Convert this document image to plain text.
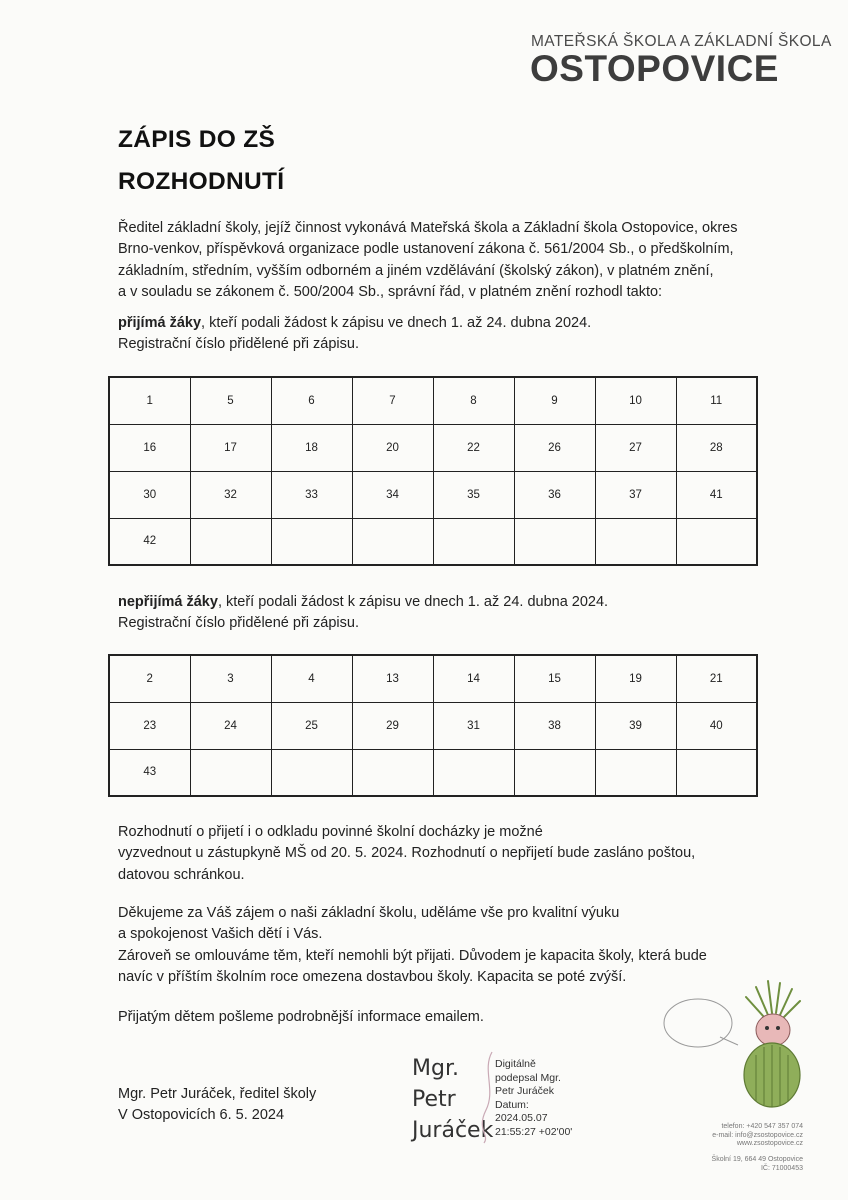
MATEŘSKÁ ŠKOLA A ZÁKLADNÍ ŠKOLA
OSTOPOVICE
ZÁPIS DO ZŠ
ROZHODNUTÍ
Ředitel základní školy, jejíž činnost vykonává Mateřská škola a Základní škola Ostopovice, okres
Brno-venkov, příspěvková organizace podle ustanovení zákona č. 561/2004 Sb., o předškolním,
základním, středním, vyšším odborném a jiném vzdělávání (školský zákon), v platném znění,
a v souladu se zákonem č. 500/2004 Sb., správní řád, v platném znění rozhodl takto:
přijímá žáky, kteří podali žádost k zápisu ve dnech 1. až 24. dubna 2024.
Registrační číslo přidělené při zápisu.
1	5	6	7	8	9	10	11
16	17	18	20	22	26	27	28
30	32	33	34	35	36	37	41
42							
nepřijímá žáky, kteří podali žádost k zápisu ve dnech 1. až 24. dubna 2024.
Registrační číslo přidělené při zápisu.
2	3	4	13	14	15	19	21
23	24	25	29	31	38	39	40
43							
Rozhodnutí o přijetí i o odkladu povinné školní docházky je možné
vyzvednout u zástupkyně MŠ od 20. 5. 2024. Rozhodnutí o nepřijetí bude zasláno poštou,
datovou schránkou.
Děkujeme za Váš zájem o naši základní školu, uděláme vše pro kvalitní výuku
a spokojenost Vašich dětí i Vás.
Zároveň se omlouváme těm, kteří nemohli být přijati. Důvodem je kapacita školy, která bude
navíc v příštím školním roce omezena dostavbou školy. Kapacita se poté zvýší.
Přijatým dětem pošleme podrobnější informace emailem.
Mgr. Petr Juráček, ředitel školy
V Ostopovicích 6. 5. 2024
Mgr.
Petr
Juráček
Digitálně
podepsal Mgr.
Petr Juráček
Datum:
2024.05.07
21:55:27 +02'00'	telefon: +420 547 357 074
e-mail: info@zsostopovice.cz
www.zsostopovice.cz
Školní 19, 664 49 Ostopovice
IČ: 71000453
